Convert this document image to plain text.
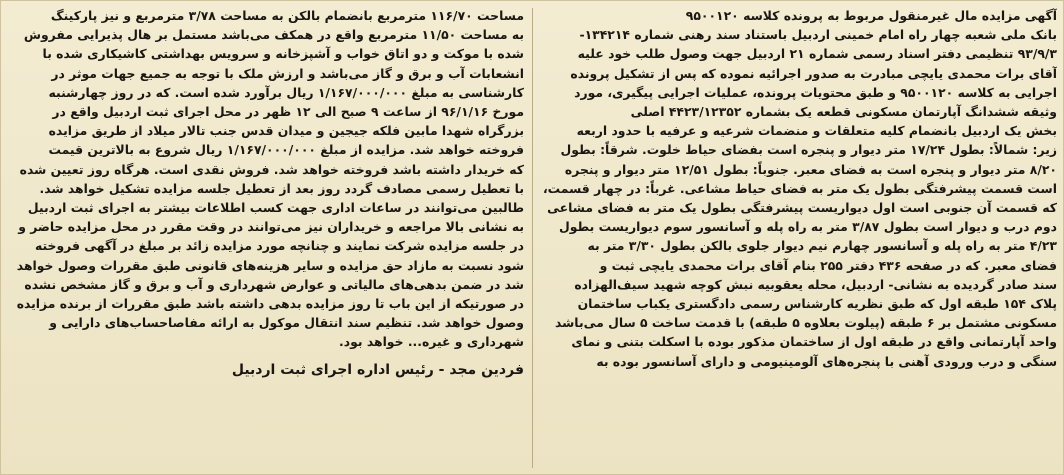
آگهی مزایده مال غیرمنقول مربوط به پرونده کلاسه ۹۵۰۰۱۲۰

بانک ملی شعبه چهار راه امام خمینی اردبیل باستناد سند رهنی شماره ۱۳۴۲۱۴-

۹۳/۹/۳ تنظیمی دفتر اسناد رسمی شماره ۲۱ اردبیل جهت وصول طلب خود علیه

آقای برات محمدی یایچی مبادرت به صدور اجرائیه نموده که پس از تشکیل پرونده

اجرایی به کلاسه ۹۵۰۰۱۲۰ و طبق محتویات پرونده، عملیات اجرایی پیگیری، مورد

وثیقه ششدانگ آپارتمان مسکونی قطعه یک بشماره ۴۴۲۳/۱۲۳۵۲ اصلی

بخش یک اردبیل بانضمام کلیه متعلقات و منضمات شرعیه و عرفیه با حدود اربعه

زیر: شمالاً: بطول ۱۷/۲۴ متر دیوار و پنجره است بفضای حیاط خلوت. شرقاً: بطول

۸/۲۰ متر دیوار و پنجره است به فضای معبر. جنوباً: بطول ۱۲/۵۱ متر دیوار و پنجره

است قسمت پیشرفتگی بطول یک متر به فضای حیاط مشاعی. غرباً: در چهار قسمت،

که قسمت آن جنوبی است اول دیواریست پیشرفتگی بطول یک متر به فضای مشاعی

دوم درب و دیوار است بطول ۳/۸۷ متر به راه پله و آسانسور سوم دیواریست بطول

۴/۲۳ متر به راه پله و آسانسور چهارم نیم دیوار جلوی بالکن بطول ۳/۳۰ متر به

فضای معبر. که در صفحه ۴۳۶ دفتر ۲۵۵ بنام آقای برات محمدی یایچی ثبت و

سند صادر گردیده به نشانی- اردبیل، محله یعقوبیه نبش کوچه شهید سیف‌الهزاده

پلاک ۱۵۴ طبقه اول که طبق نظریه کارشناس رسمی دادگستری یکباب ساختمان

مسکونی مشتمل بر ۶ طبقه (پیلوت بعلاوه ۵ طبقه) با قدمت ساخت ۵ سال می‌باشد

واحد آپارتمانی واقع در طبقه اول از ساختمان مذکور بوده با اسکلت بتنی و نمای

سنگی و درب ورودی آهنی با پنجره‌های آلومینیومی و دارای آسانسور بوده به

مساحت ۱۱۶/۷۰ مترمربع بانضمام بالکن به مساحت ۳/۷۸ مترمربع و نیز پارکینگ

به مساحت ۱۱/۵۰ مترمربع واقع در همکف می‌باشد مستمل بر هال پذیرایی مفروش

شده با موکت و دو اتاق خواب و آشپزخانه و سرویس بهداشتی کاشیکاری شده با

انشعابات آب و برق و گاز می‌باشد و ارزش ملک با توجه به جمیع جهات موثر در

کارشناسی به مبلغ ۱/۱۶۷/۰۰۰/۰۰۰ ریال برآورد شده است. که در روز چهارشنبه

مورخ ۹۶/۱/۱۶ از ساعت ۹ صبح الی ۱۲ ظهر در محل اجرای ثبت اردبیل واقع در

بزرگراه شهدا مابین فلکه جیجین و میدان قدس جنب تالار میلاد از طریق مزایده

فروخته خواهد شد. مزایده از مبلغ ۱/۱۶۷/۰۰۰/۰۰۰ ریال شروع به بالاترین قیمت

که خریدار داشته باشد فروخته خواهد شد. فروش نقدی است. هرگاه روز تعیین شده

با تعطیل رسمی مصادف گردد روز بعد از تعطیل جلسه مزایده تشکیل خواهد شد.

طالبین می‌توانند در ساعات اداری جهت کسب اطلاعات بیشتر به اجرای ثبت اردبیل

به نشانی بالا مراجعه و خریداران نیز می‌توانند در وقت مقرر در محل مزایده حاضر و

در جلسه مزایده شرکت نمایند و چنانچه مورد مزایده زائد بر مبلغ در آگهی فروخته

شود نسبت به مازاد حق مزایده و سایر هزینه‌های قانونی طبق مقررات وصول خواهد

شد در ضمن بدهی‌های مالیاتی و عوارض شهرداری و آب و برق و گاز مشخص نشده

در صورتیکه از این باب تا روز مزایده بدهی داشته باشد طبق مقررات از برنده مزایده

وصول خواهد شد. تنظیم سند انتقال موکول به ارائه مفاصاحساب‌های دارایی و

شهرداری و غیره... خواهد بود.

فردین مجد - رئیس اداره اجرای ثبت اردبیل
